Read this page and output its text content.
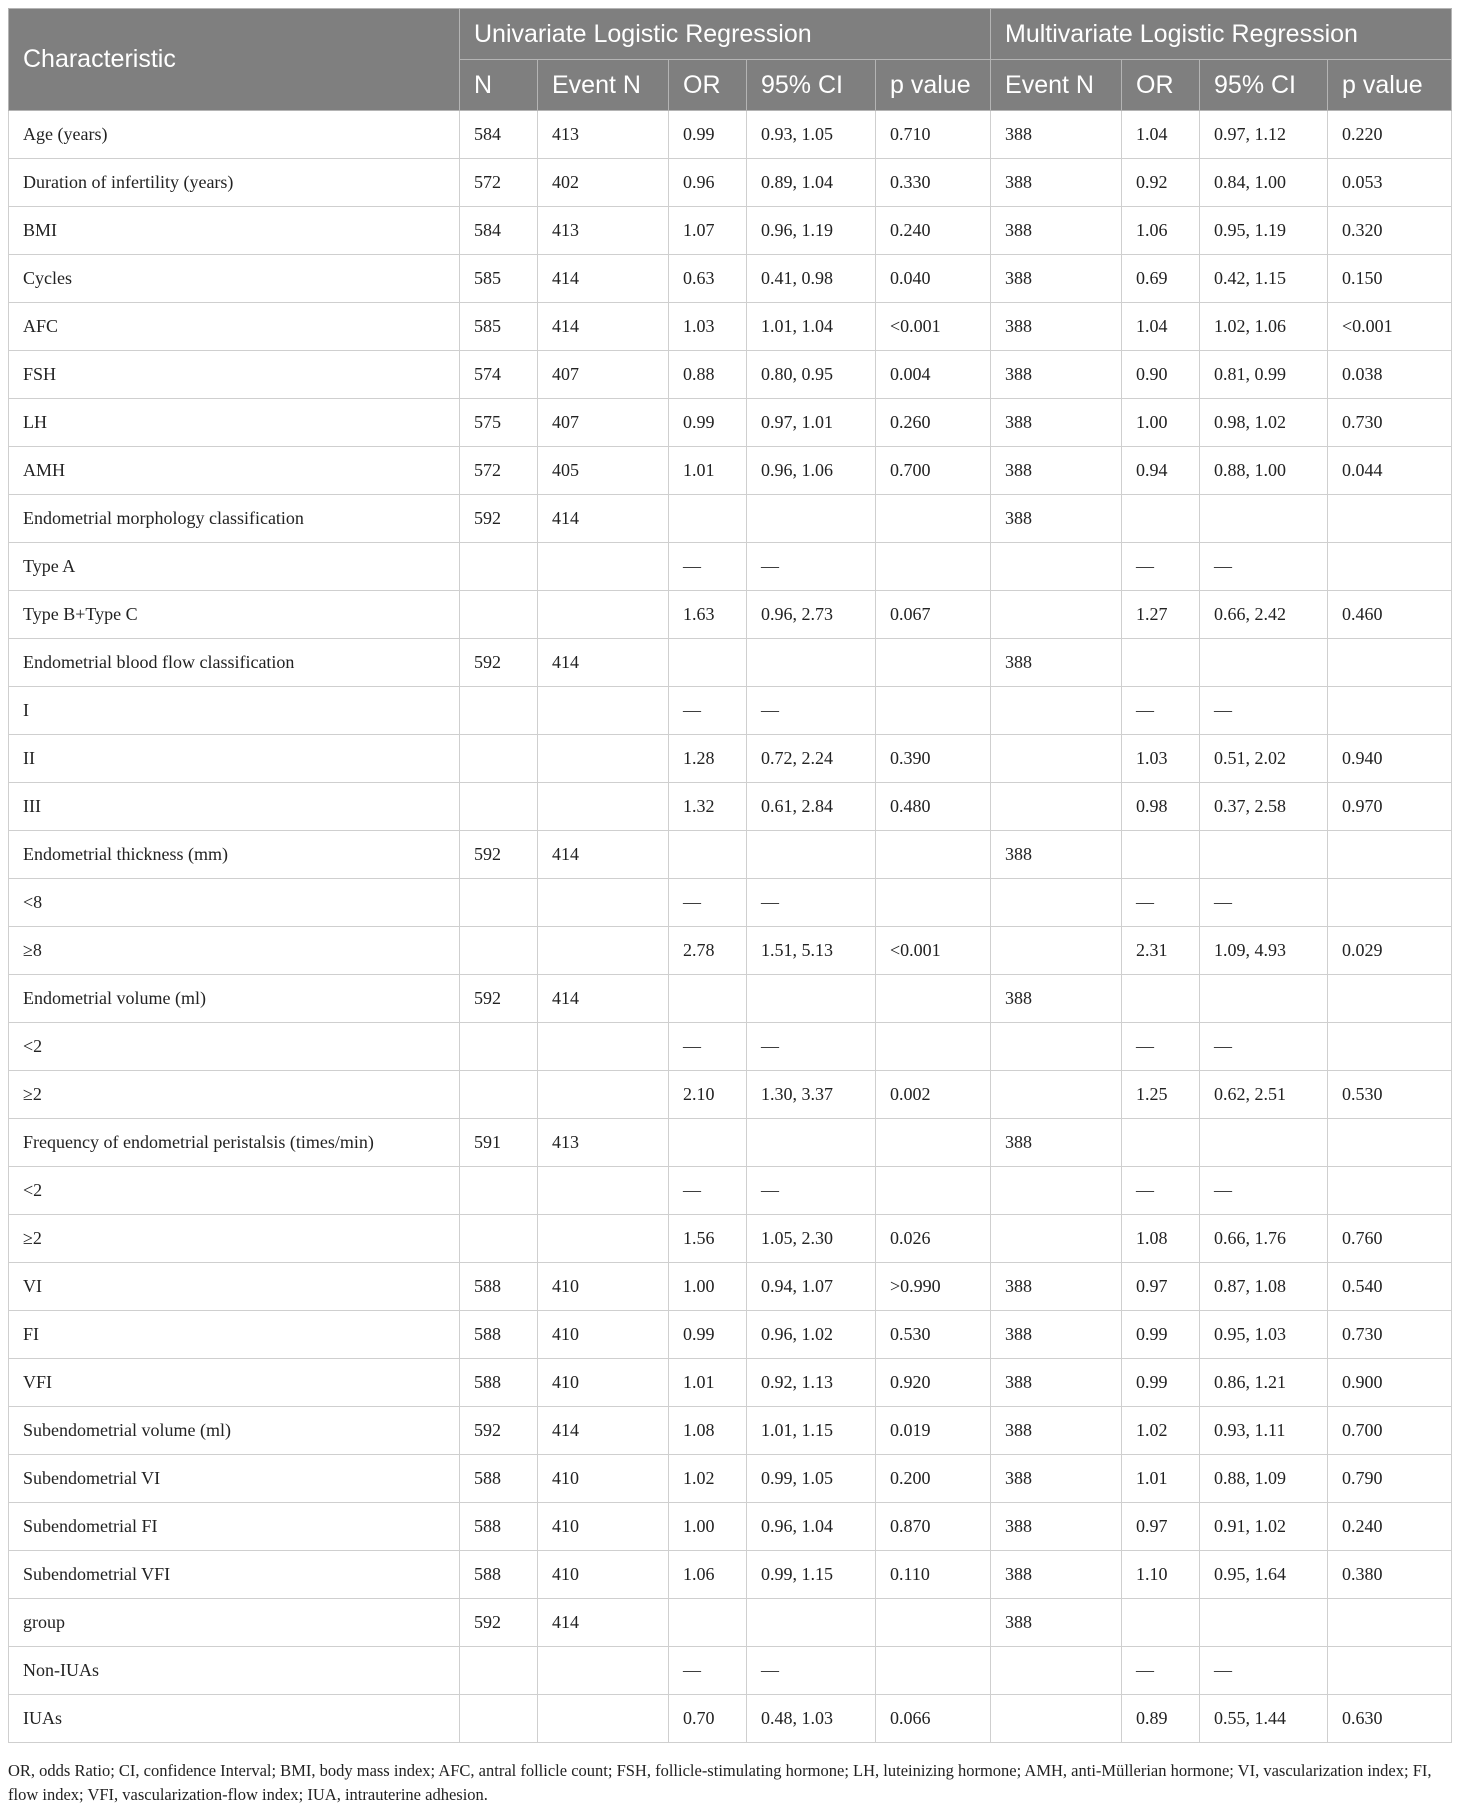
Characteristic	Univariate Logistic Regression					Multivariate Logistic Regression			
	N	Event N	OR	95% CI	p value	Event N	OR	95% CI	p value
Age (years)	584	413	0.99	0.93, 1.05	0.710	388	1.04	0.97, 1.12	0.220
Duration of infertility (years)	572	402	0.96	0.89, 1.04	0.330	388	0.92	0.84, 1.00	0.053
BMI	584	413	1.07	0.96, 1.19	0.240	388	1.06	0.95, 1.19	0.320
Cycles	585	414	0.63	0.41, 0.98	0.040	388	0.69	0.42, 1.15	0.150
AFC	585	414	1.03	1.01, 1.04	<0.001	388	1.04	1.02, 1.06	<0.001
FSH	574	407	0.88	0.80, 0.95	0.004	388	0.90	0.81, 0.99	0.038
LH	575	407	0.99	0.97, 1.01	0.260	388	1.00	0.98, 1.02	0.730
AMH	572	405	1.01	0.96, 1.06	0.700	388	0.94	0.88, 1.00	0.044
Endometrial morphology classification	592	414				388			
Type A			—	—			—	—	
Type B+Type C			1.63	0.96, 2.73	0.067		1.27	0.66, 2.42	0.460
Endometrial blood flow classification	592	414				388			
I			—	—			—	—	
II			1.28	0.72, 2.24	0.390		1.03	0.51, 2.02	0.940
III			1.32	0.61, 2.84	0.480		0.98	0.37, 2.58	0.970
Endometrial thickness (mm)	592	414				388			
<8			—	—			—	—	
≥8			2.78	1.51, 5.13	<0.001		2.31	1.09, 4.93	0.029
Endometrial volume (ml)	592	414				388			
<2			—	—			—	—	
≥2			2.10	1.30, 3.37	0.002		1.25	0.62, 2.51	0.530
Frequency of endometrial peristalsis (times/min)	591	413				388			
<2			—	—			—	—	
≥2			1.56	1.05, 2.30	0.026		1.08	0.66, 1.76	0.760
VI	588	410	1.00	0.94, 1.07	>0.990	388	0.97	0.87, 1.08	0.540
FI	588	410	0.99	0.96, 1.02	0.530	388	0.99	0.95, 1.03	0.730
VFI	588	410	1.01	0.92, 1.13	0.920	388	0.99	0.86, 1.21	0.900
Subendometrial volume (ml)	592	414	1.08	1.01, 1.15	0.019	388	1.02	0.93, 1.11	0.700
Subendometrial VI	588	410	1.02	0.99, 1.05	0.200	388	1.01	0.88, 1.09	0.790
Subendometrial FI	588	410	1.00	0.96, 1.04	0.870	388	0.97	0.91, 1.02	0.240
Subendometrial VFI	588	410	1.06	0.99, 1.15	0.110	388	1.10	0.95, 1.64	0.380
group	592	414				388			
Non-IUAs			—	—			—	—	
IUAs			0.70	0.48, 1.03	0.066		0.89	0.55, 1.44	0.630
OR, odds Ratio; CI, confidence Interval; BMI, body mass index; AFC, antral follicle count; FSH, follicle-stimulating hormone; LH, luteinizing hormone; AMH, anti-Müllerian hormone; VI, vascularization index; FI, flow index; VFI, vascularization-flow index; IUA, intrauterine adhesion.
